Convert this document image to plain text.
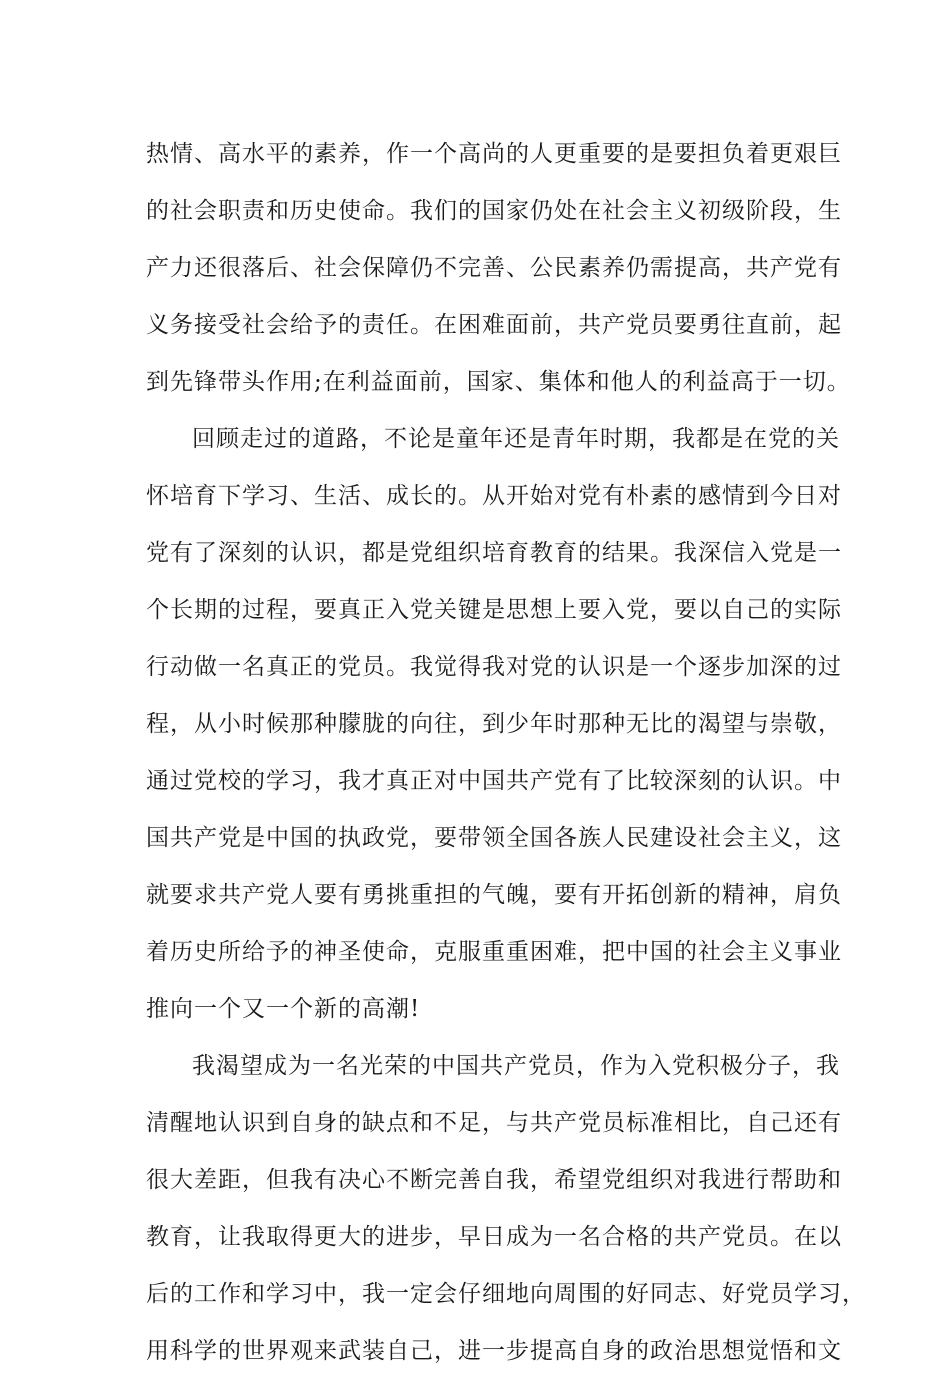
热情、高水平的素养，作一个高尚的人更重要的是要担负着更艰巨
的社会职责和历史使命。我们的国家仍处在社会主义初级阶段，生
产力还很落后、社会保障仍不完善、公民素养仍需提高，共产党有
义务接受社会给予的责任。在困难面前，共产党员要勇往直前，起
到先锋带头作用;在利益面前，国家、集体和他人的利益高于一切。
回顾走过的道路，不论是童年还是青年时期，我都是在党的关
怀培育下学习、生活、成长的。从开始对党有朴素的感情到今日对
党有了深刻的认识，都是党组织培育教育的结果。我深信入党是一
个长期的过程，要真正入党关键是思想上要入党，要以自己的实际
行动做一名真正的党员。我觉得我对党的认识是一个逐步加深的过
程，从小时候那种朦胧的向往，到少年时那种无比的渴望与崇敬，
通过党校的学习，我才真正对中国共产党有了比较深刻的认识。中
国共产党是中国的执政党，要带领全国各族人民建设社会主义，这
就要求共产党人要有勇挑重担的气魄，要有开拓创新的精神，肩负
着历史所给予的神圣使命，克服重重困难，把中国的社会主义事业
推向一个又一个新的高潮!
我渴望成为一名光荣的中国共产党员，作为入党积极分子，我
清醒地认识到自身的缺点和不足，与共产党员标准相比，自己还有
很大差距，但我有决心不断完善自我，希望党组织对我进行帮助和
教育，让我取得更大的进步，早日成为一名合格的共产党员。在以
后的工作和学习中，我一定会仔细地向周围的好同志、好党员学习，
用科学的世界观来武装自己，进一步提高自身的政治思想觉悟和文
